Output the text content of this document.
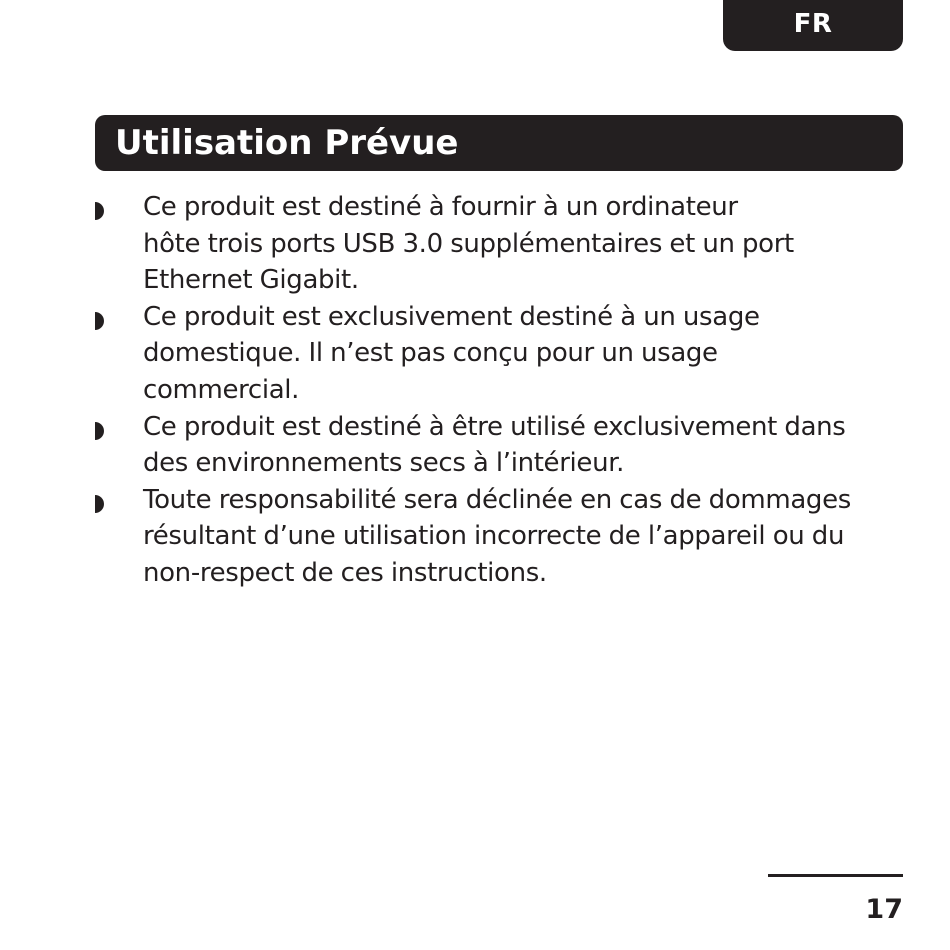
FR
Utilisation Prévue
Ce produit est destiné à fournir à un ordinateur
hôte trois ports USB 3.0 supplémentaires et un port
Ethernet Gigabit.
Ce produit est exclusivement destiné à un usage
domestique. Il n’est pas conçu pour un usage
commercial.
Ce produit est destiné à être utilisé exclusivement dans
des environnements secs à l’intérieur.
Toute responsabilité sera déclinée en cas de dommages
résultant d’une utilisation incorrecte de l’appareil ou du
non-respect de ces instructions.
17
